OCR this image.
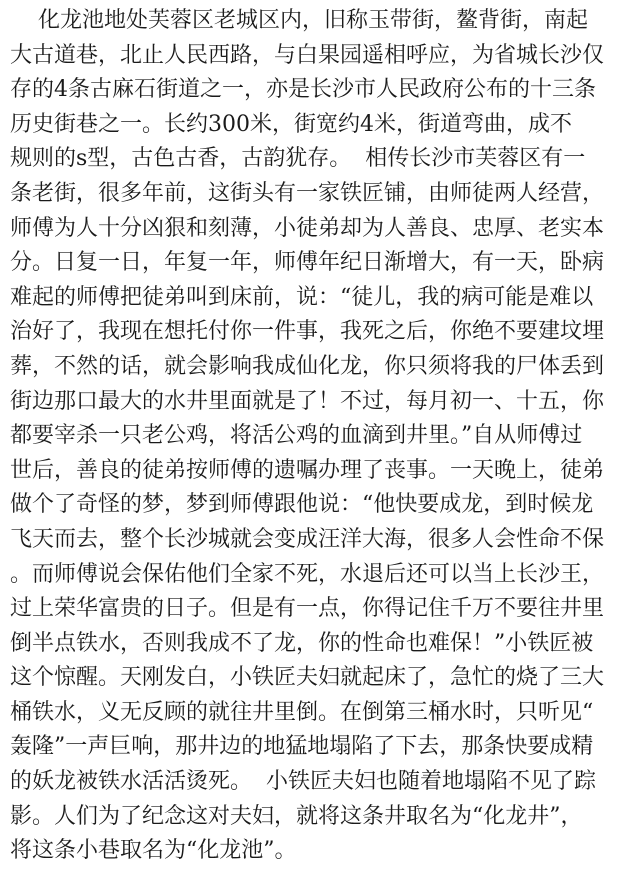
化龙池地处芙蓉区老城区内，旧称玉带街，鳌背街，南起
大古道巷，北止人民西路，与白果园遥相呼应，为省城长沙仅
存的4条古麻石街道之一，亦是长沙市人民政府公布的十三条
历史街巷之一。长约300米，街宽约4米，街道弯曲，成不
规则的s型，古色古香，古韵犹存。  相传长沙市芙蓉区有一
条老街，很多年前，这街头有一家铁匠铺，由师徒两人经营，
师傅为人十分凶狠和刻薄，小徒弟却为人善良、忠厚、老实本
分。日复一日，年复一年，师傅年纪日渐增大，有一天，卧病
难起的师傅把徒弟叫到床前，说：“徒儿，我的病可能是难以
治好了，我现在想托付你一件事，我死之后，你绝不要建坟埋
葬，不然的话，就会影响我成仙化龙，你只须将我的尸体丢到
街边那口最大的水井里面就是了！不过，每月初一、十五，你
都要宰杀一只老公鸡，将活公鸡的血滴到井里。”自从师傅过
世后，善良的徒弟按师傅的遗嘱办理了丧事。一天晚上，徒弟
做个了奇怪的梦，梦到师傅跟他说：“他快要成龙，到时候龙
飞天而去，整个长沙城就会变成汪洋大海，很多人会性命不保
。而师傅说会保佑他们全家不死，水退后还可以当上长沙王，
过上荣华富贵的日子。但是有一点，你得记住千万不要往井里
倒半点铁水，否则我成不了龙，你的性命也难保！”小铁匠被
这个惊醒。天刚发白，小铁匠夫妇就起床了，急忙的烧了三大
桶铁水，义无反顾的就往井里倒。在倒第三桶水时，只听见“
轰隆”一声巨响，那井边的地猛地塌陷了下去，那条快要成精
的妖龙被铁水活活烫死。  小铁匠夫妇也随着地塌陷不见了踪
影。人们为了纪念这对夫妇，就将这条井取名为“化龙井”，
将这条小巷取名为“化龙池”。
